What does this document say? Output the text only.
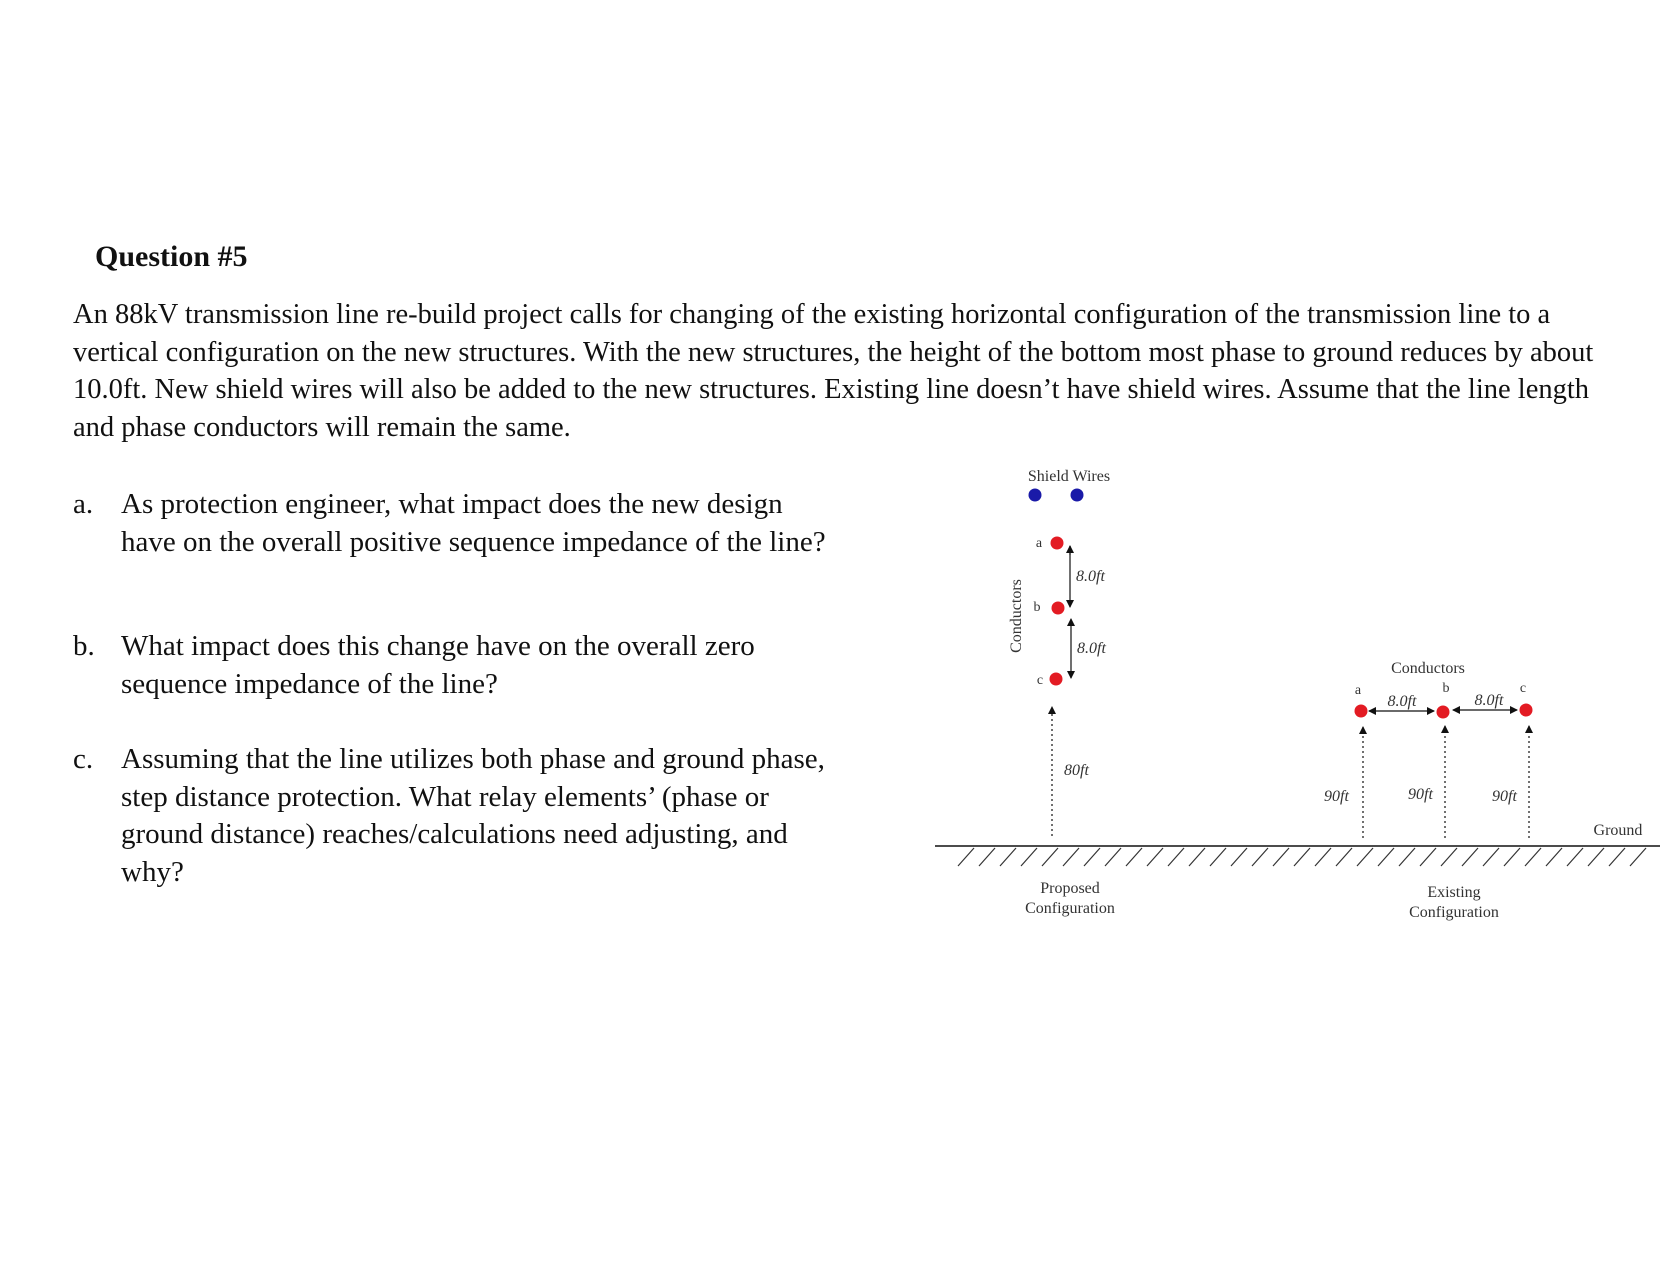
Question #5

An 88kV transmission line re-build project calls for changing of the existing horizontal configuration of the transmission line to a vertical configuration on the new structures. With the new structures, the height of the bottom most phase to ground reduces by about 10.0ft. New shield wires will also be added to the new structures. Existing line doesn’t have shield wires. Assume that the line length and phase conductors will remain the same.

a. As protection engineer, what impact does the new design have on the overall positive sequence impedance of the line?
b. What impact does this change have on the overall zero sequence impedance of the line?
c. Assuming that the line utilizes both phase and ground phase, step distance protection. What relay elements’ (phase or ground distance) reaches/calculations need adjusting, and why?
Shield Wires
Conductors
a
b
c
8.0ft
8.0ft
80ft
Proposed
Configuration
Conductors
a	b	c
8.0ft	8.0ft
90ft	90ft	90ft
Ground
Existing
Configuration
